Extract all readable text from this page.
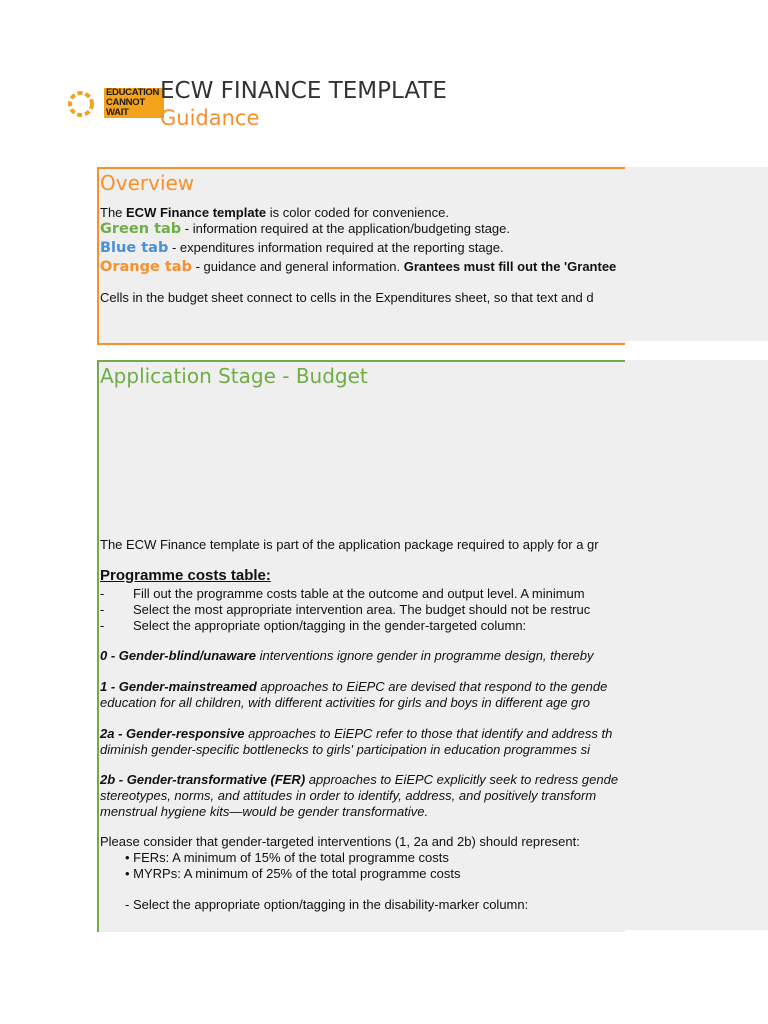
EDUCATION
CANNOT
WAIT
ECW FINANCE TEMPLATE
Guidance
Overview
The ECW Finance template is color coded for convenience.
Green tab - information required at the application/budgeting stage.
Blue tab - expenditures information required at the reporting stage.
Orange tab - guidance and general information. Grantees must fill out the 'Grantee
Cells in the budget sheet connect to cells in the Expenditures sheet, so that text and d
Application Stage - Budget
The ECW Finance template is part of the application package required to apply for a gr
Programme costs table:
- Fill out the programme costs table at the outcome and output level. A minimum
- Select the most appropriate intervention area. The budget should not be restruc
- Select the appropriate option/tagging in the gender-targeted column:
0 - Gender-blind/unaware interventions ignore gender in programme design, thereby
1 - Gender-mainstreamed approaches to EiEPC are devised that respond to the gende
education for all children, with different activities for girls and boys in different age gro
2a - Gender-responsive approaches to EiEPC refer to those that identify and address th
diminish gender-specific bottlenecks to girls' participation in education programmes si
2b - Gender-transformative (FER) approaches to EiEPC explicitly seek to redress gende
stereotypes, norms, and attitudes in order to identify, address, and positively transform
menstrual hygiene kits—would be gender transformative.
Please consider that gender-targeted interventions (1, 2a and 2b) should represent:
• FERs: A minimum of 15% of the total programme costs
• MYRPs: A minimum of 25% of the total programme costs
- Select the appropriate option/tagging in the disability-marker column:
